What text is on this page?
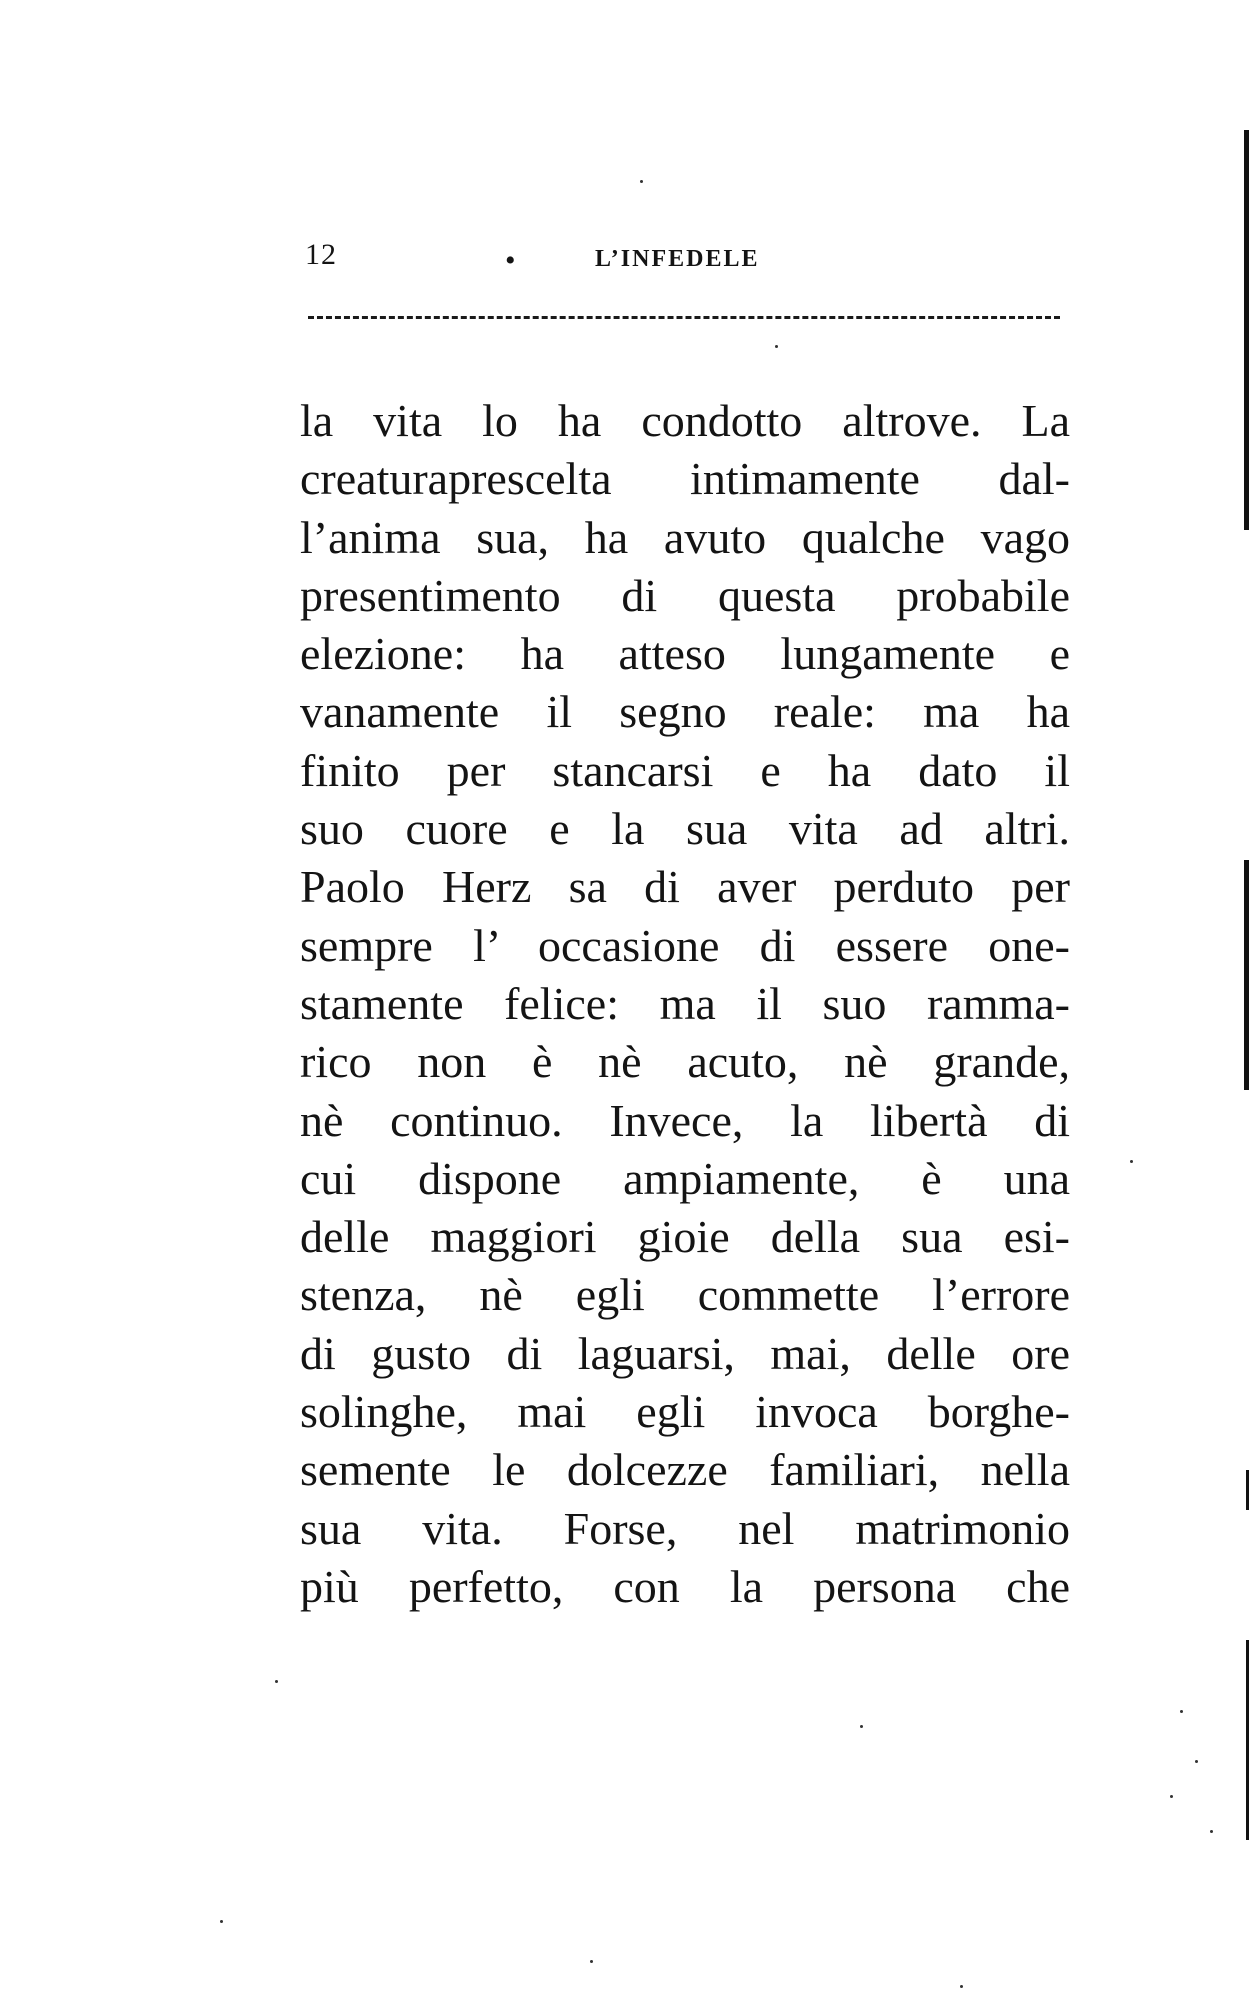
12	•	L’INFEDELE
la vita lo ha condotto altrove. La
creaturaprescelta intimamente dal-
l’anima sua, ha avuto qualche vago
presentimento di questa probabile
elezione: ha atteso lungamente e
vanamente il segno reale: ma ha
finito per stancarsi e ha dato il
suo cuore e la sua vita ad altri.
Paolo Herz sa di aver perduto per
sempre l’ occasione di essere one-
stamente felice: ma il suo ramma-
rico non è nè acuto, nè grande,
nè continuo. Invece, la libertà di
cui dispone ampiamente, è una
delle maggiori gioie della sua esi-
stenza, nè egli commette l’errore
di gusto di laguarsi, mai, delle ore
solinghe, mai egli invoca borghe-
semente le dolcezze familiari, nella
sua vita. Forse, nel matrimonio
più perfetto, con la persona che
